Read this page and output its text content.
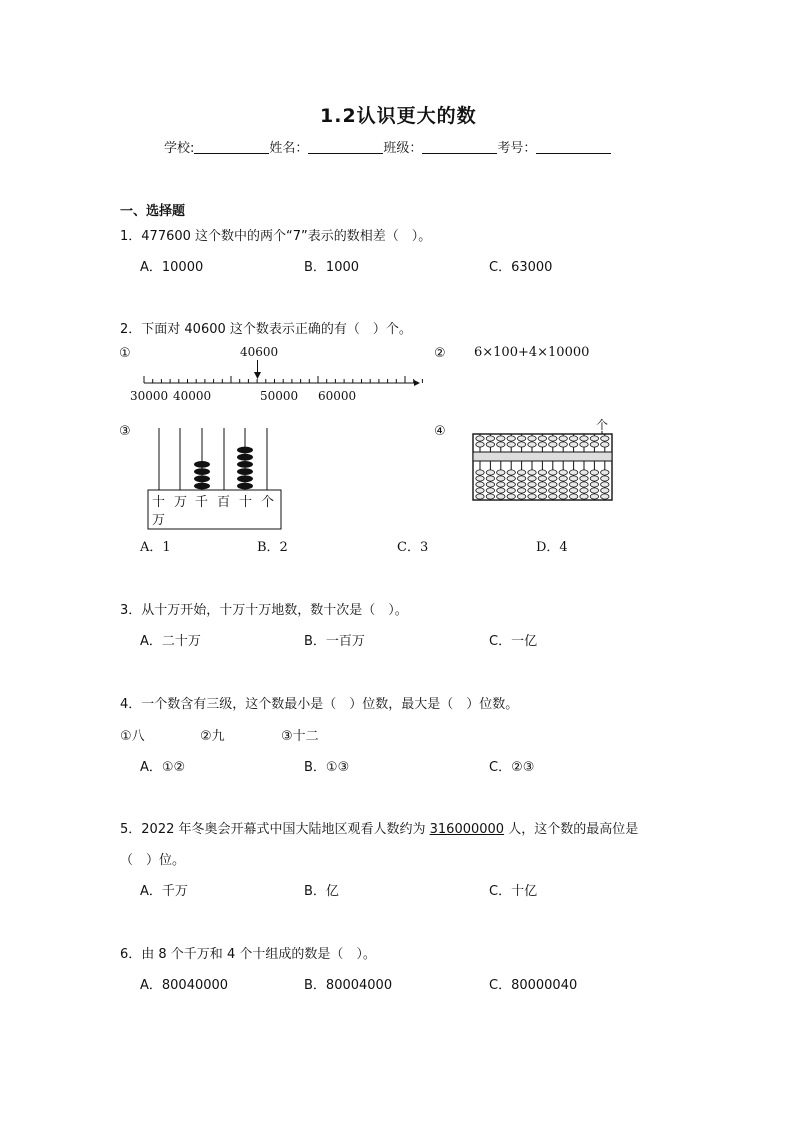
1.2认识更大的数
学校:	姓名：	班级：	考号：
一、选择题
1．477600 这个数中的两个“7”表示的数相差（　）。
A．10000	B．1000	C．63000
2．下面对 40600 这个数表示正确的有（　）个。
①	② 6×100+4×10000
③	④
40600
30000 40000	50000 60000
十 万 千 百 十 个
万
个
A．1	B．2	C．3	D．4
3．从十万开始，十万十万地数，数十次是（　）。
A．二十万	B．一百万	C．一亿
4．一个数含有三级，这个数最小是（　）位数，最大是（　）位数。
①八	②九	③十二
A．①②	B．①③	C．②③
5．2022 年冬奥会开幕式中国大陆地区观看人数约为 316000000 人，这个数的最高位是
（　）位。
A．千万	B．亿	C．十亿
6．由 8 个千万和 4 个十组成的数是（　）。
A．80040000	B．80004000	C．80000040
